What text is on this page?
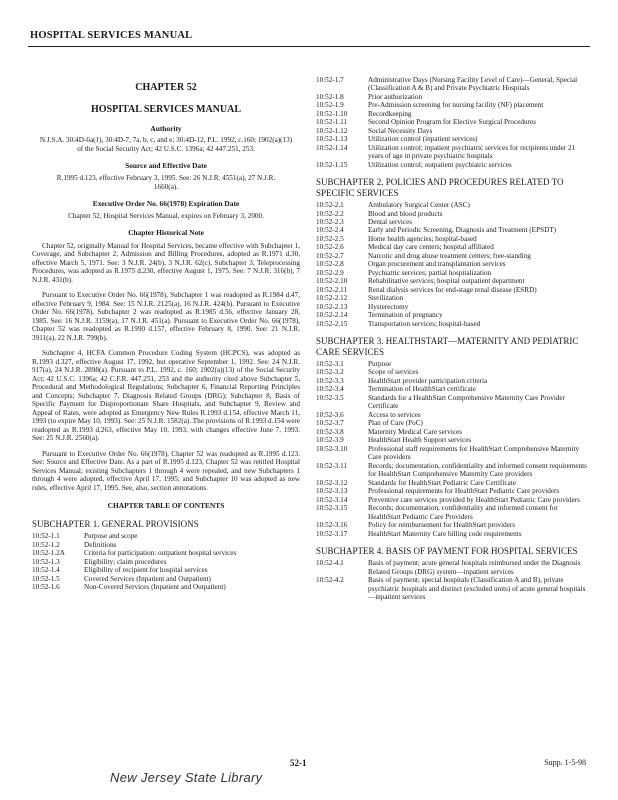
HOSPITAL SERVICES MANUAL
CHAPTER 52
HOSPITAL SERVICES MANUAL
Authority
N.J.S.A. 30:4D-6a(1), 30:4D-7, 7a, b, c, and e; 30:4D-12, P.L. 1992, c.160; 1902(a)(13) of the Social Security Act; 42 U.S.C. 1396a; 42 447.251, 253.
Source and Effective Date
R.1995 d.123, effective February 3, 1995. See: 26 N.J.R. 4551(a), 27 N.J.R. 1660(a).
Executive Order No. 66(1978) Expiration Date
Chapter 52, Hospital Services Manual, expires on February 3, 2000.
Chapter Historical Note
Chapter 52, originally Manual for Hospital Services, became effective with Subchapter 1, Coverage, and Subchapter 2, Admission and Billing Procedures, adopted as R.1971 d.30, effective March 5, 1971. See: 3 N.J.R. 24(b), 3 N.J.R. 62(c). Subchapter 3, Teleprocessing Procedures, was adopted as R.1975 d.230, effective August 1, 1975. See: 7 N.J.R. 316(b), 7 N.J.R. 431(b).
Pursuant to Executive Order No. 66(1978), Subchapter 1 was readopted as R.1984 d.47, effective February 9, 1984. See: 15 N.J.R. 2125(a), 16 N.J.R. 424(b). Pursuant to Executive Order No. 66(1978), Subchapter 2 was readopted as R.1985 d.56, effective January 28, 1985. See: 16 N.J.R. 3159(a), 17 N.J.R. 451(a). Pursuant to Executive Order No. 66(1978), Chapter 52 was readopted as R.1990 d.157, effective February 8, 1990. See: 21 N.J.R. 3911(a), 22 N.J.R. 799(b).
Subchapter 4, HCFA Common Procedure Coding System (HCPCS), was adopted as R.1993 d.327, effective August 17, 1992, but operative September 1, 1992. See: 24 N.J.R. 917(a), 24 N.J.R. 2898(a). Pursuant to P.L. 1992, c. 160; 1902(a)(13) of the Social Security Act; 42 U.S.C. 1396a; 42 C.F.R. 447.251, 253 and the authority cited above Subchapter 5, Procedural and Methodological Regulations; Subchapter 6, Financial Reporting Principles and Concepts; Subchapter 7, Diagnosis Related Groups (DRG); Subchapter 8, Basis of Specific Payment for Disproportionate Share Hospitals, and Subchapter 9, Review and Appeal of Rates, were adopted as Emergency New Rules R.1993 d.154, effective March 11, 1993 (to expire May 10, 1993). See: 25 N.J.R. 1582(a). The provisions of R.1993 d.154 were readopted as R.1993 d.263, effective May 10, 1993, with changes effective June 7, 1993. See: 25 N.J.R. 2560(a).
Pursuant to Executive Order No. 66(1978), Chapter 52 was readopted as R.1995 d.123. See: Source and Effective Date. As a part of R.1995 d.123, Chapter 52 was retitled Hospital Services Manual; existing Subchapters 1 through 4 were repealed, and new Subchapters 1 through 4 were adopted, effective April 17, 1995; and Subchapter 10 was adopted as new rules, effective April 17, 1995. See, also, section annotations.
CHAPTER TABLE OF CONTENTS
SUBCHAPTER 1. GENERAL PROVISIONS
10:52-1.1	Purpose and scope
10:52-1.2	Definitions
10:52-1.2A	Criteria for participation: outpatient hospital services
10:52-1.3	Eligibility; claim procedures
10:52-1.4	Eligibility of recipient for hospital services
10:52-1.5	Covered Services (Inpatient and Outpatient)
10:52-1.6	Non-Covered Services (Inpatient and Outpatient)
10:52-1.7	Administrative Days (Nursing Facility Level of Care)—General, Special (Classification A & B) and Private Psychiatric Hospitals
10:52-1.8	Prior authorization
10:52-1.9	Pre-Admission screening for nursing facility (NF) placement
10:52-1.10	Recordkeeping
10:52-1.11	Second Opinion Program for Elective Surgical Procedures
10:52-1.12	Social Necessity Days
10:52-1.13	Utilization control (inpatient services)
10:52-1.14	Utilization control; inpatient psychiatric services for recipients under 21 years of age in private psychiatric hospitals
10:52-1.15	Utilization control; outpatient psychiatric services
SUBCHAPTER 2. POLICIES AND PROCEDURES RELATED TO SPECIFIC SERVICES
10:52-2.1	Ambulatory Surgical Center (ASC)
10:52-2.2	Blood and blood products
10:52-2.3	Dental services
10:52-2.4	Early and Periodic Screening, Diagnosis and Treatment (EPSDT)
10:52-2.5	Home health agencies; hospital-based
10:52-2.6	Medical day care centers; hospital affiliated
10:52-2.7	Narcotic and drug abuse treatment centers; free-standing
10:52-2.8	Organ procurement and transplantation services
10:52-2.9	Psychiatric services; partial hospitalization
10:52-2.10	Rehabilitative services; hospital outpatient department
10:52-2.11	Renal dialysis services for end-stage renal disease (ESRD)
10:52-2.12	Sterilization
10:52-2.13	Hysterectomy
10:52-2.14	Termination of pregnancy
10:52-2.15	Transportation services; hospital-based
SUBCHAPTER 3. HEALTHSTART—MATERNITY AND PEDIATRIC CARE SERVICES
10:52-3.1	Purpose
10:52-3.2	Scope of services
10:52-3.3	HealthStart provider participation criteria
10:52-3.4	Termination of HealthStart certificate
10:52-3.5	Standards for a HealthStart Comprehensive Maternity Care Provider Certificate
10:52-3.6	Access to services
10:52-3.7	Plan of Care (PoC)
10:52-3.8	Maternity Medical Care services
10:52-3.9	HealthStart Health Support services
10:52-3.10	Professional staff requirements for HealthStart Comprehensive Maternity Care providers
10:52-3.11	Records; documentation, confidentiality and informed consent requirements for HealthStart Comprehensive Maternity Care providers
10:52-3.12	Standards for HealthStart Pediatric Care Certificate
10:52-3.13	Professional requirements for HealthStart Pediatric Care providers
10:52-3.14	Preventive care services provided by HealthStart Pediatric Care providers
10:52-3.15	Records; documentation, confidentiality and informed consent for HealthStart Pediatric Care Providers
10:52-3.16	Policy for reimbursement for HealthStart providers
10:52-3.17	HealthStart Maternity Care billing code requirements
SUBCHAPTER 4. BASIS OF PAYMENT FOR HOSPITAL SERVICES
10:52-4.1	Basis of payment; acute general hospitals reimbursed under the Diagnosis Related Groups (DRG) system—inpatient services
10:52-4.2	Basis of payment; special hospitals (Classification A and B), private psychiatric hospitals and distinct (excluded units) of acute general hospitals—inpatient services
52-1	Supp. 1-5-98
New Jersey State Library
